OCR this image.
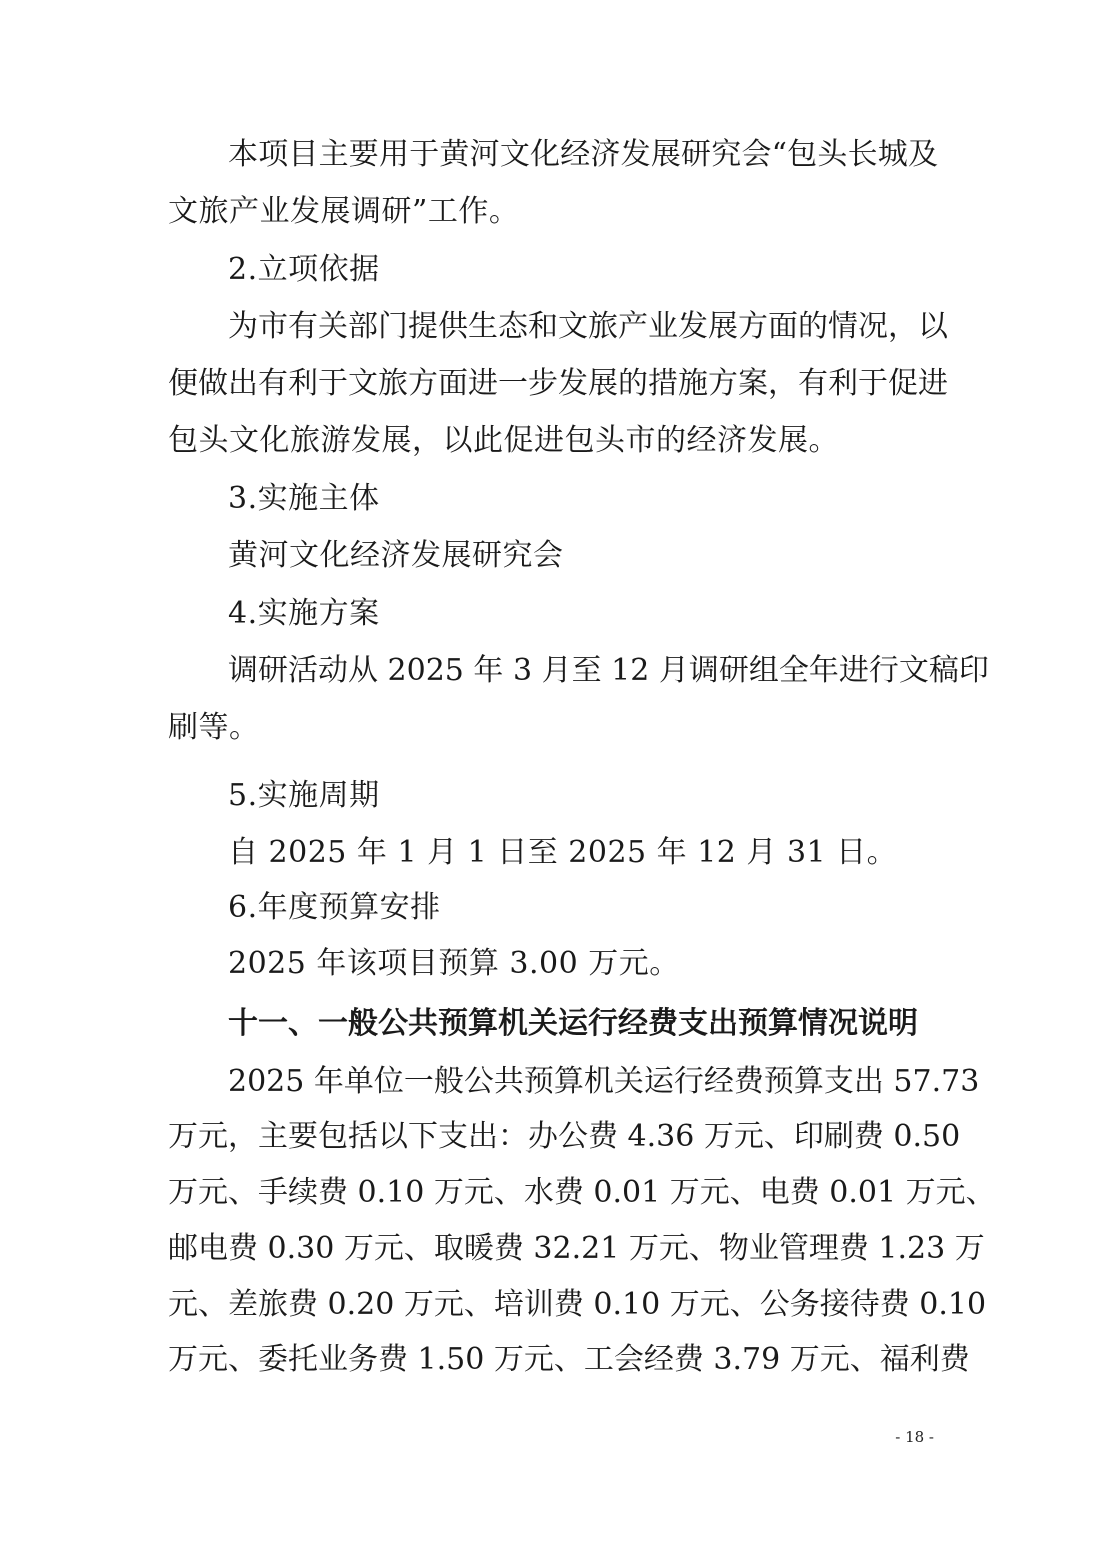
本项目主要用于黄河文化经济发展研究会“包头长城及
文旅产业发展调研”工作。
2.立项依据
为市有关部门提供生态和文旅产业发展方面的情况，以
便做出有利于文旅方面进一步发展的措施方案，有利于促进
包头文化旅游发展，以此促进包头市的经济发展。
3.实施主体
黄河文化经济发展研究会
4.实施方案
调研活动从 2025 年 3 月至 12 月调研组全年进行文稿印
刷等。
5.实施周期
自 2025 年 1 月 1 日至 2025 年 12 月 31 日。
6.年度预算安排
2025 年该项目预算 3.00 万元。
十一、一般公共预算机关运行经费支出预算情况说明
2025 年单位一般公共预算机关运行经费预算支出 57.73
万元，主要包括以下支出：办公费 4.36 万元、印刷费 0.50
万元、手续费 0.10 万元、水费 0.01 万元、电费 0.01 万元、
邮电费 0.30 万元、取暖费 32.21 万元、物业管理费 1.23 万
元、差旅费 0.20 万元、培训费 0.10 万元、公务接待费 0.10
万元、委托业务费 1.50 万元、工会经费 3.79 万元、福利费
- 18 -
